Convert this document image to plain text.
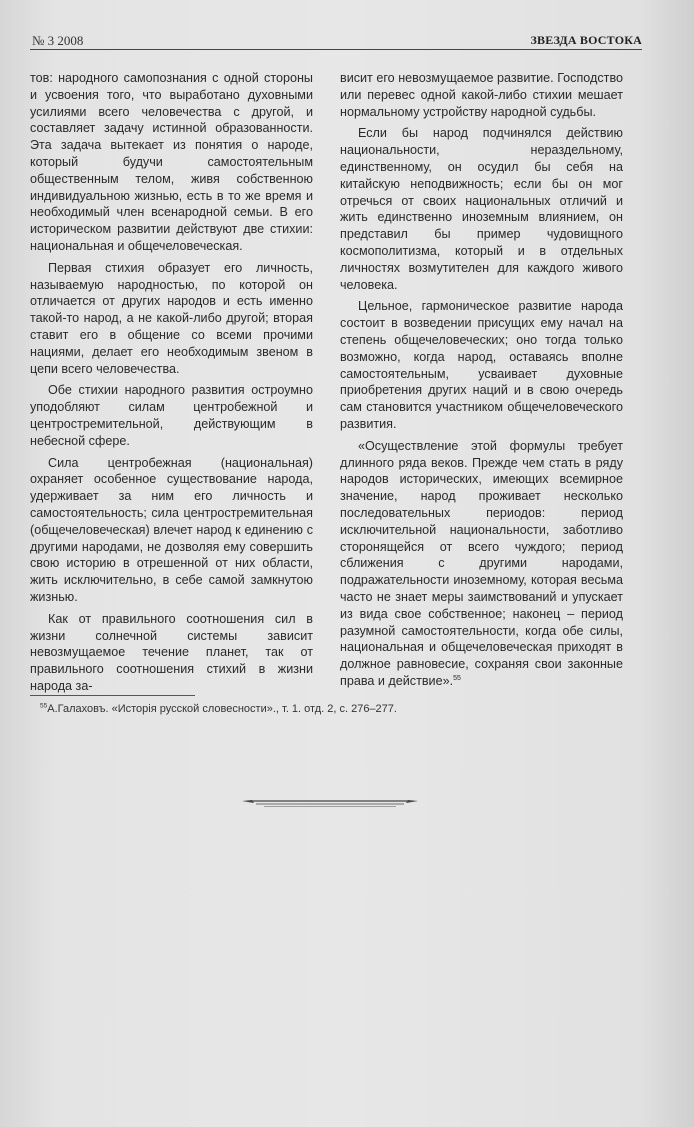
№ 3 2008	ЗВЕЗДА ВОСТОКА

тов: народного самопознания с одной стороны и усвоения того, что выработано духовными усилиями всего человечества с другой, и составляет задачу истинной образованности. Эта задача вытекает из понятия о народе, который будучи самостоятельным общественным телом, живя собственною индивидуальною жизнью, есть в то же время и необходимый член всенародной семьи. В его историческом развитии действуют две стихии: национальная и общечеловеческая.

Первая стихия образует его личность, называемую народностью, по которой он отличается от других народов и есть именно такой-то народ, а не какой-либо другой; вторая ставит его в общение со всеми прочими нациями, делает его необходимым звеном в цепи всего человечества.

Обе стихии народного развития остроумно уподобляют силам центробежной и центростремительной, действующим в небесной сфере.

Сила центробежная (национальная) охраняет особенное существование народа, удерживает за ним его личность и самостоятельность; сила центростремительная (общечеловеческая) влечет народ к единению с другими народами, не дозволяя ему совершить свою историю в отрешенной от них области, жить исключительно, в себе самой замкнутою жизнью.

Как от правильного соотношения сил в жизни солнечной системы зависит невозмущаемое течение планет, так от правильного соотношения стихий в жизни народа за-

висит его невозмущаемое развитие. Господство или перевес одной какой-либо стихии мешает нормальному устройству народной судьбы.

Если бы народ подчинялся действию национальности, нераздельному, единственному, он осудил бы себя на китайскую неподвижность; если бы он мог отречься от своих национальных отличий и жить единственно иноземным влиянием, он представил бы пример чудовищного космополитизма, который и в отдельных личностях возмутителен для каждого живого человека.

Цельное, гармоническое развитие народа состоит в возведении присущих ему начал на степень общечеловеческих; оно тогда только возможно, когда народ, оставаясь вполне самостоятельным, усваивает духовные приобретения других наций и в свою очередь сам становится участником общечеловеческого развития.

«Осуществление этой формулы требует длинного ряда веков. Прежде чем стать в ряду народов исторических, имеющих всемирное значение, народ проживает несколько последовательных периодов: период исключительной национальности, заботливо сторонящейся от всего чуждого; период сближения с другими народами, подражательности иноземному, которая весьма часто не знает меры заимствований и упускает из вида свое собственное; наконец – период разумной самостоятельности, когда обе силы, национальная и общечеловеческая приходят в должное равновесие, сохраняя свои законные права и действие».$^{55}$

$^{55}$А.Галаховъ. «Исторія русской словесности»., т. 1. отд. 2, с. 276–277.
